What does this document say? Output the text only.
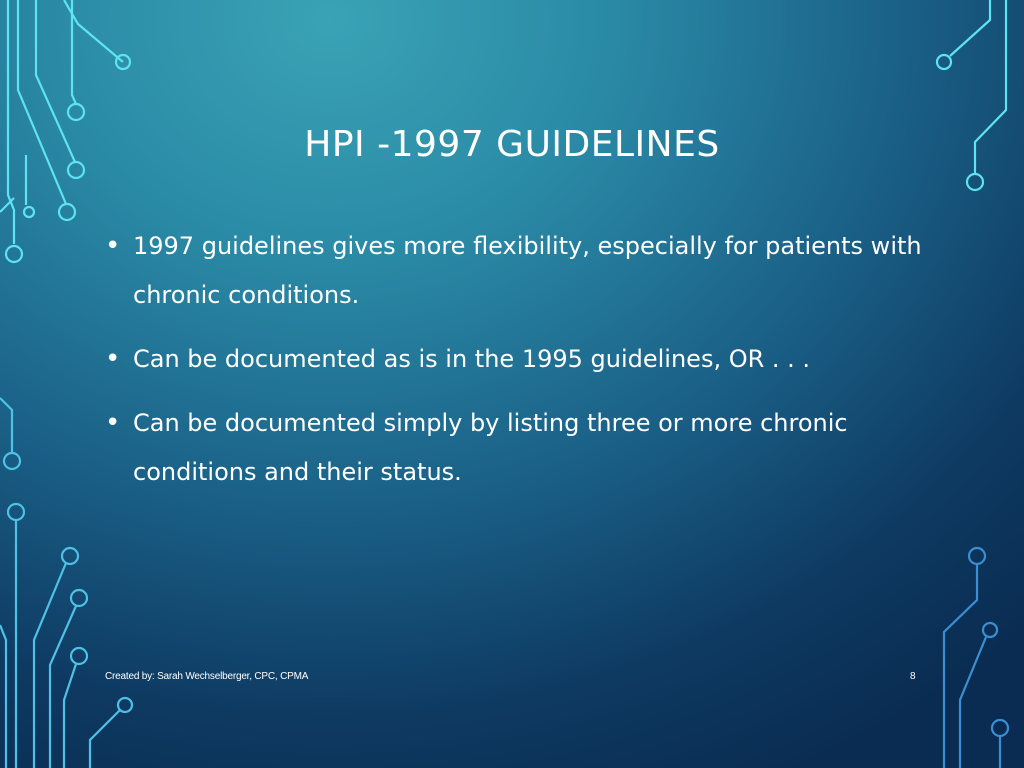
HPI -1997 GUIDELINES
• 1997 guidelines gives more flexibility, especially for patients with chronic conditions.
• Can be documented as is in the 1995 guidelines, OR . . .
• Can be documented simply by listing three or more chronic conditions and their status.
Created by: Sarah Wechselberger, CPC, CPMA	8
